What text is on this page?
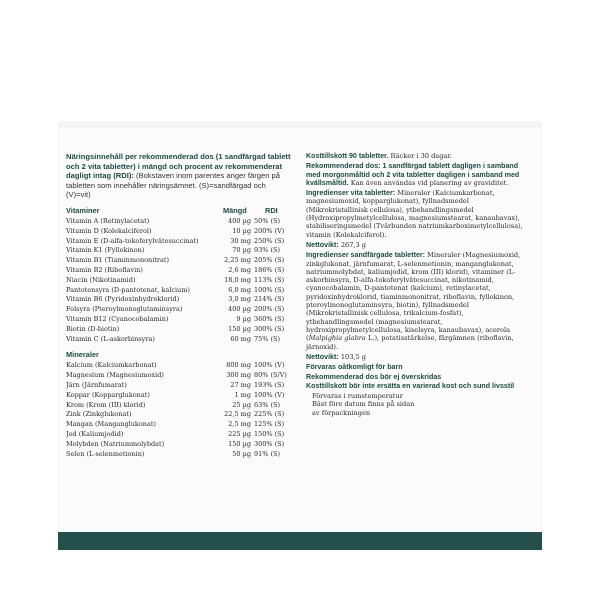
Näringsinnehåll per rekommenderad dos (1 sandfärgad tablett och 2 vita tabletter) i mängd och procent av rekommenderat dagligt intag (RDI): (Bokstaven inom parentes anger färgen på tabletten som innehåller näringsämnet. (S)=sandfärgad och (V)=vit)
Vitaminer	Mängd RDI
Vitamin A (Retinylacetat)	400 µg	50% (S)
Vitamin D (Kolekalciferol)	10 µg	200% (V)
Vitamin E (D-alfa-tokoferylvätesuccinat)	30 mg	250% (S)
Vitamin K1 (Fyllokinon)	70 µg	93% (S)
Vitamin B1 (Tiaminmononitrat)	2,25 mg	205% (S)
Vitamin B2 (Riboflavin)	2,6 mg	186% (S)
Niacin (Nikotinamid)	18,0 mg	113% (S)
Pantotensyra (D-pantotenat, kalcium)	6,0 mg	100% (S)
Vitamin B6 (Pyridoxinhydroklorid)	3,0 mg	214% (S)
Folsyra (Pteroylmonoglutaminsyra)	400 µg	200% (S)
Vitamin B12 (Cyanocobalamin)	9 µg	360% (S)
Biotin (D-biotin)	150 µg	300% (S)
Vitamin C (L-askorbinsyra)	60 mg	75% (S)
Mineraler
Kalcium (Kalciumkarbonat)	800 mg	100% (V)
Magnesium (Magnesiumoxid)	300 mg	80% (S/V)
Järn (Järnfumarat)	27 mg	193% (S)
Koppar (Kopparglukonat)	1 mg	100% (V)
Krom (Krom (III) klorid)	25 µg	63% (S)
Zink (Zinkglukonat)	22,5 mg	225% (S)
Mangan (Manganglukonat)	2,5 mg	125% (S)
Jod (Kaliumjodid)	225 µg	150% (S)
Molybden (Natriummolybdat)	150 µg	300% (S)
Selen (L-selenmetionin)	50 µg	91% (S)
Kosttillskott 90 tabletter. Räcker i 30 dagar.
Rekommenderad dos: 1 sandfärgad tablett dagligen i samband med morgonmåltid och 2 vita tabletter dagligen i samband med kvällsmåltid. Kan även användas vid planering av graviditet.
Ingredienser vita tabletter: Mineraler (Kalciumkarbonat, magnesiumoxid, kopparglukonat), fyllnadsmedel (Mikrokristallinisk cellulosa), ytbehandlingsmedel (Hydroxipropylmetylcellulosa, magnesiumstearat, kanaubavax), stabiliseringsmedel (Tvärbunden natriumkarboximetylcellulosa), vitamin (Kolekalciferol).
Nettovikt: 267,3 g
Ingredienser sandfärgade tabletter: Mineraler (Magnesiumoxid, zinkglukonat, järnfumarat, L-selenmetionin, manganglukonat, natriummolybdat, kaliumjodid, krom (III) klorid), vitaminer (L-askorbinsyra, D-alfa-tokoferylvätesuccinat, nikotinamid, cyanocobalamin, D-pantotenat (kalcium), retinylacetat, pyridoxinhydroklorid, tiaminmononitrat, riboflavin, fyllokinon, pteroylmonoglutaminsyra, biotin), fyllnadsmedel (Mikrokristallinisk cellulosa, trikalcium-fosfat), ytbehandlingsmedel (magnesiumstearat, hydroxipropylmetylcellulosa, kiselsyra, kanaubavax), acerola (Malpighia glabra L.), potatisstärkelse, färgämnen (riboflavin, järnoxid).
Nettovikt: 103,5 g
Förvaras oåtkomligt för barn
Rekommenderad dos bör ej överskridas
Kosttillskott bör inte ersätta en varierad kost och sund livsstil
Förvaras i rumstemperatur
Bäst före datum finns på sidan
av förpackningen
